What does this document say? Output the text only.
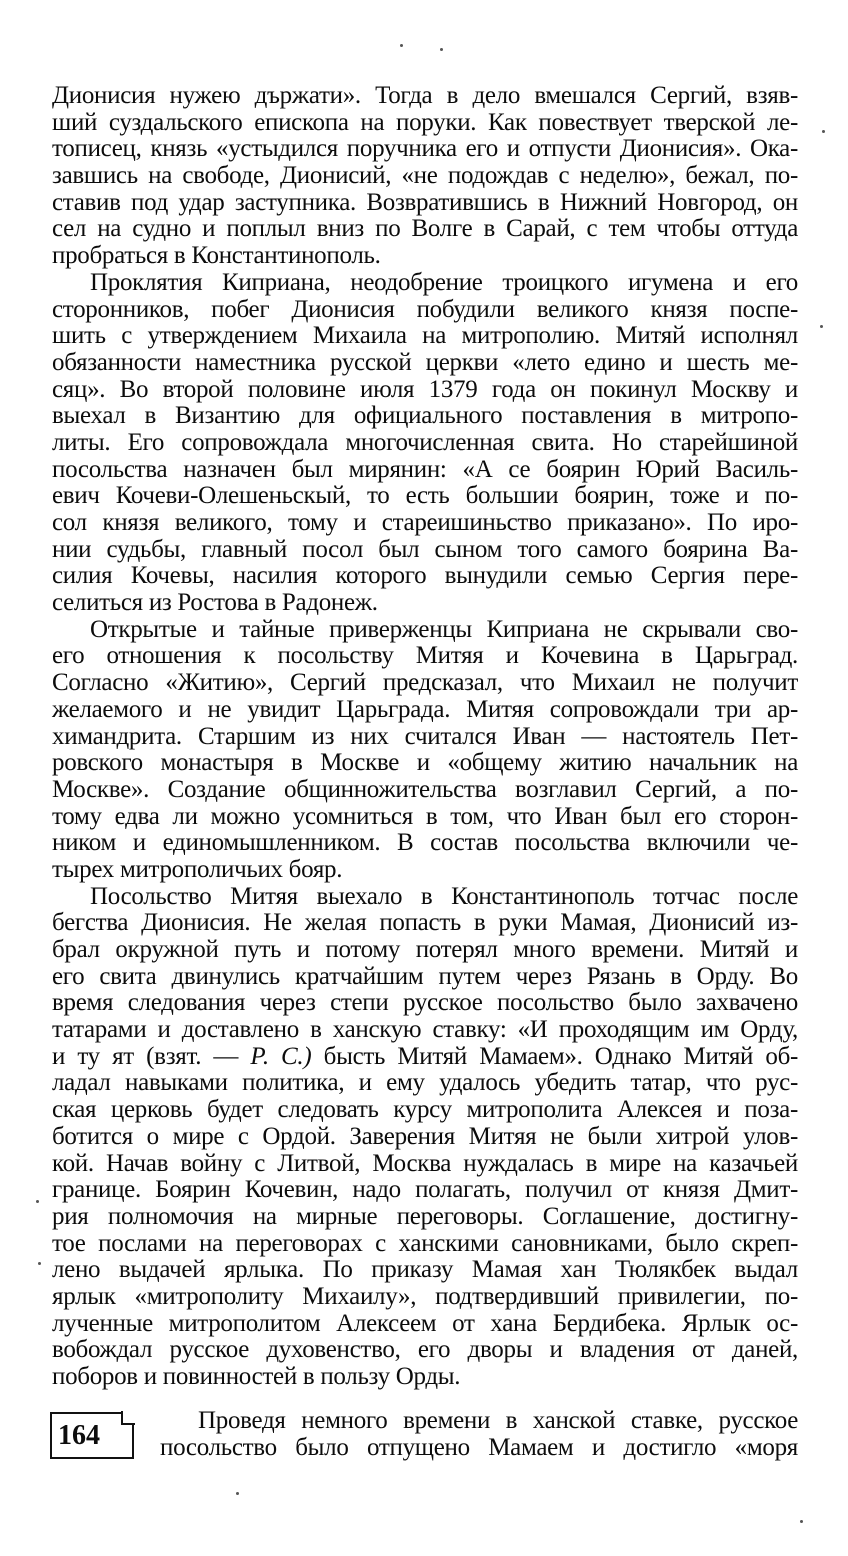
Дионисия нужею държати». Тогда в дело вмешался Сергий, взяв-
ший суздальского епископа на поруки. Как повествует тверской ле-
тописец, князь «устыдился поручника его и отпусти Дионисия». Ока-
завшись на свободе, Дионисий, «не подождав с неделю», бежал, по-
ставив под удар заступника. Возвратившись в Нижний Новгород, он
сел на судно и поплыл вниз по Волге в Сарай, с тем чтобы оттуда
пробраться в Константинополь.
Проклятия Киприана, неодобрение троицкого игумена и его
сторонников, побег Дионисия побудили великого князя поспе-
шить с утверждением Михаила на митрополию. Митяй исполнял
обязанности наместника русской церкви «лето едино и шесть ме-
сяц». Во второй половине июля 1379 года он покинул Москву и
выехал в Византию для официального поставления в митропо-
литы. Его сопровождала многочисленная свита. Но старейшиной
посольства назначен был мирянин: «А се боярин Юрий Василь-
евич Кочеви-Олешеньскый, то есть большии боярин, тоже и по-
сол князя великого, тому и стареишиньство приказано». По иро-
нии судьбы, главный посол был сыном того самого боярина Ва-
силия Кочевы, насилия которого вынудили семью Сергия пере-
селиться из Ростова в Радонеж.
Открытые и тайные приверженцы Киприана не скрывали сво-
его отношения к посольству Митяя и Кочевина в Царьград.
Согласно «Житию», Сергий предсказал, что Михаил не получит
желаемого и не увидит Царьграда. Митяя сопровождали три ар-
химандрита. Старшим из них считался Иван — настоятель Пет-
ровского монастыря в Москве и «общему житию начальник на
Москве». Создание общинножительства возглавил Сергий, а по-
тому едва ли можно усомниться в том, что Иван был его сторон-
ником и единомышленником. В состав посольства включили че-
тырех митрополичьих бояр.
Посольство Митяя выехало в Константинополь тотчас после
бегства Дионисия. Не желая попасть в руки Мамая, Дионисий из-
брал окружной путь и потому потерял много времени. Митяй и
его свита двинулись кратчайшим путем через Рязань в Орду. Во
время следования через степи русское посольство было захвачено
татарами и доставлено в ханскую ставку: «И проходящим им Орду,
и ту ят (взят. — Р. С.) бысть Митяй Мамаем». Однако Митяй об-
ладал навыками политика, и ему удалось убедить татар, что рус-
ская церковь будет следовать курсу митрополита Алексея и поза-
ботится о мире с Ордой. Заверения Митяя не были хитрой улов-
кой. Начав войну с Литвой, Москва нуждалась в мире на казачьей
границе. Боярин Кочевин, надо полагать, получил от князя Дмит-
рия полномочия на мирные переговоры. Соглашение, достигну-
тое послами на переговорах с ханскими сановниками, было скреп-
лено выдачей ярлыка. По приказу Мамая хан Тюлякбек выдал
ярлык «митрополиту Михаилу», подтвердивший привилегии, по-
лученные митрополитом Алексеем от хана Бердибека. Ярлык ос-
вобождал русское духовенство, его дворы и владения от даней,
поборов и повинностей в пользу Орды.
164	Проведя немного времени в ханской ставке, русское
посольство было отпущено Мамаем и достигло «моря
